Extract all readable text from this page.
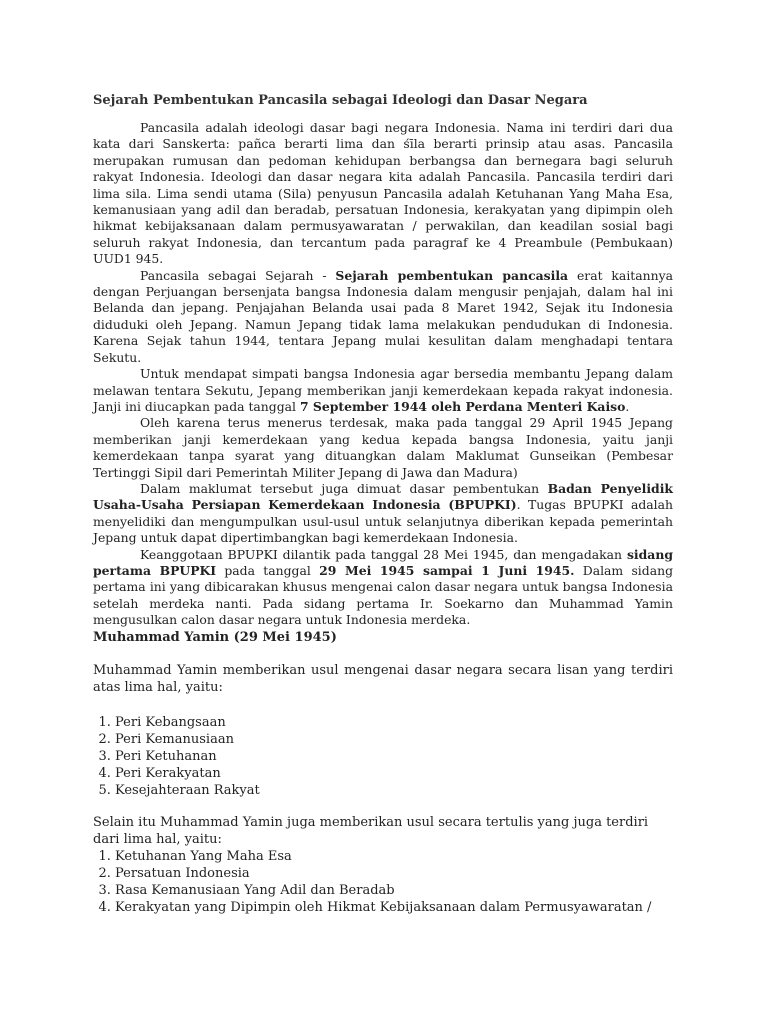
Sejarah Pembentukan Pancasila sebagai Ideologi dan Dasar Negara

Pancasila adalah ideologi dasar bagi negara Indonesia. Nama ini terdiri dari dua kata dari Sanskerta: pañca berarti lima dan śīla berarti prinsip atau asas. Pancasila merupakan rumusan dan pedoman kehidupan berbangsa dan bernegara bagi seluruh rakyat Indonesia. Ideologi dan dasar negara kita adalah Pancasila. Pancasila terdiri dari lima sila. Lima sendi utama (Sila) penyusun Pancasila adalah Ketuhanan Yang Maha Esa, kemanusiaan yang adil dan beradab, persatuan Indonesia, kerakyatan yang dipimpin oleh hikmat kebijaksanaan dalam permusyawaratan / perwakilan, dan keadilan sosial bagi seluruh rakyat Indonesia, dan tercantum pada paragraf ke 4 Preambule (Pembukaan) UUD1 945.

Pancasila sebagai Sejarah - Sejarah pembentukan pancasila erat kaitannya dengan Perjuangan bersenjata bangsa Indonesia dalam mengusir penjajah, dalam hal ini Belanda dan jepang. Penjajahan Belanda usai pada 8 Maret 1942, Sejak itu Indonesia diduduki oleh Jepang. Namun Jepang tidak lama melakukan pendudukan di Indonesia. Karena Sejak tahun 1944, tentara Jepang mulai kesulitan dalam menghadapi tentara Sekutu.

Untuk mendapat simpati bangsa Indonesia agar bersedia membantu Jepang dalam melawan tentara Sekutu, Jepang memberikan janji kemerdekaan kepada rakyat indonesia. Janji ini diucapkan pada tanggal 7 September 1944 oleh Perdana Menteri Kaiso.

Oleh karena terus menerus terdesak, maka pada tanggal 29 April 1945 Jepang memberikan janji kemerdekaan yang kedua kepada bangsa Indonesia, yaitu janji kemerdekaan tanpa syarat yang dituangkan dalam Maklumat Gunseikan (Pembesar Tertinggi Sipil dari Pemerintah Militer Jepang di Jawa dan Madura)

Dalam maklumat tersebut juga dimuat dasar pembentukan Badan Penyelidik Usaha-Usaha Persiapan Kemerdekaan Indonesia (BPUPKI). Tugas BPUPKI adalah menyelidiki dan mengumpulkan usul-usul untuk selanjutnya diberikan kepada pemerintah Jepang untuk dapat dipertimbangkan bagi kemerdekaan Indonesia.

Keanggotaan BPUPKI dilantik pada tanggal 28 Mei 1945, dan mengadakan sidang pertama BPUPKI pada tanggal 29 Mei 1945 sampai 1 Juni 1945. Dalam sidang pertama ini yang dibicarakan khusus mengenai calon dasar negara untuk bangsa Indonesia setelah merdeka nanti. Pada sidang pertama Ir. Soekarno dan Muhammad Yamin mengusulkan calon dasar negara untuk Indonesia merdeka.

Muhammad Yamin (29 Mei 1945)

Muhammad Yamin memberikan usul mengenai dasar negara secara lisan yang terdiri atas lima hal, yaitu:

1. Peri Kebangsaan
2. Peri Kemanusiaan
3. Peri Ketuhanan
4. Peri Kerakyatan
5. Kesejahteraan Rakyat
Selain itu Muhammad Yamin juga memberikan usul secara tertulis yang juga terdiri dari lima hal, yaitu:
1. Ketuhanan Yang Maha Esa
2. Persatuan Indonesia
3. Rasa Kemanusiaan Yang Adil dan Beradab
4. Kerakyatan yang Dipimpin oleh Hikmat Kebijaksanaan dalam Permusyawaratan /
